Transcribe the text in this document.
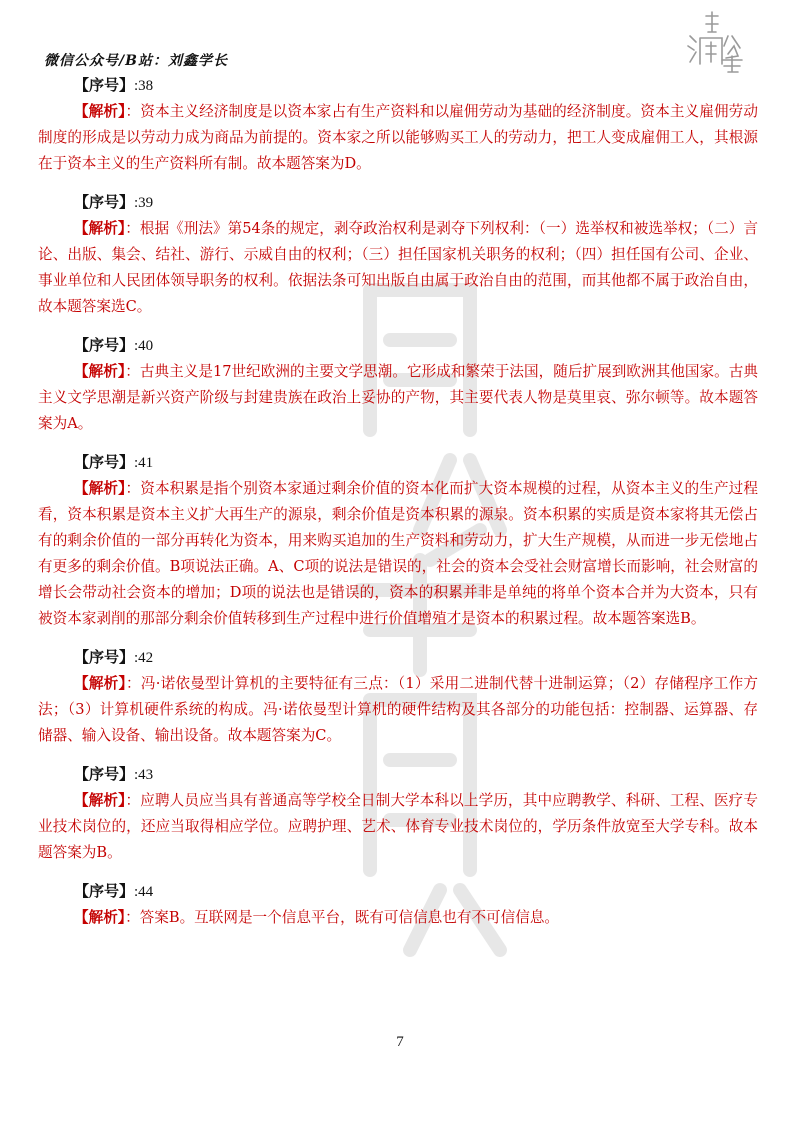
微信公众号/B站：刘鑫学长

【序号】:38

【解析】：资本主义经济制度是以资本家占有生产资料和以雇佣劳动为基础的经济制度。资本主义雇佣劳动制度的形成是以劳动力成为商品为前提的。资本家之所以能够购买工人的劳动力，把工人变成雇佣工人，其根源在于资本主义的生产资料所有制。故本题答案为D。

【序号】:39

【解析】：根据《刑法》第54条的规定，剥夺政治权利是剥夺下列权利：（一）选举权和被选举权；（二）言论、出版、集会、结社、游行、示威自由的权利；（三）担任国家机关职务的权利；（四）担任国有公司、企业、事业单位和人民团体领导职务的权利。依据法条可知出版自由属于政治自由的范围，而其他都不属于政治自由，故本题答案选C。

【序号】:40

【解析】：古典主义是17世纪欧洲的主要文学思潮。它形成和繁荣于法国，随后扩展到欧洲其他国家。古典主义文学思潮是新兴资产阶级与封建贵族在政治上妥协的产物，其主要代表人物是莫里哀、弥尔顿等。故本题答案为A。

【序号】:41

【解析】：资本积累是指个别资本家通过剩余价值的资本化而扩大资本规模的过程，从资本主义的生产过程看，资本积累是资本主义扩大再生产的源泉，剩余价值是资本积累的源泉。资本积累的实质是资本家将其无偿占有的剩余价值的一部分再转化为资本，用来购买追加的生产资料和劳动力，扩大生产规模，从而进一步无偿地占有更多的剩余价值。B项说法正确。A、C项的说法是错误的，社会的资本会受社会财富增长而影响，社会财富的增长会带动社会资本的增加；D项的说法也是错误的，资本的积累并非是单纯的将单个资本合并为大资本，只有被资本家剥削的那部分剩余价值转移到生产过程中进行价值增殖才是资本的积累过程。故本题答案选B。

【序号】:42

【解析】：冯·诺依曼型计算机的主要特征有三点：（1）采用二进制代替十进制运算；（2）存储程序工作方法；（3）计算机硬件系统的构成。冯·诺依曼型计算机的硬件结构及其各部分的功能包括：控制器、运算器、存储器、输入设备、输出设备。故本题答案为C。

【序号】:43

【解析】：应聘人员应当具有普通高等学校全日制大学本科以上学历，其中应聘教学、科研、工程、医疗专业技术岗位的，还应当取得相应学位。应聘护理、艺术、体育专业技术岗位的，学历条件放宽至大学专科。故本题答案为B。

【序号】:44

【解析】：答案B。互联网是一个信息平台，既有可信信息也有不可信信息。

7
